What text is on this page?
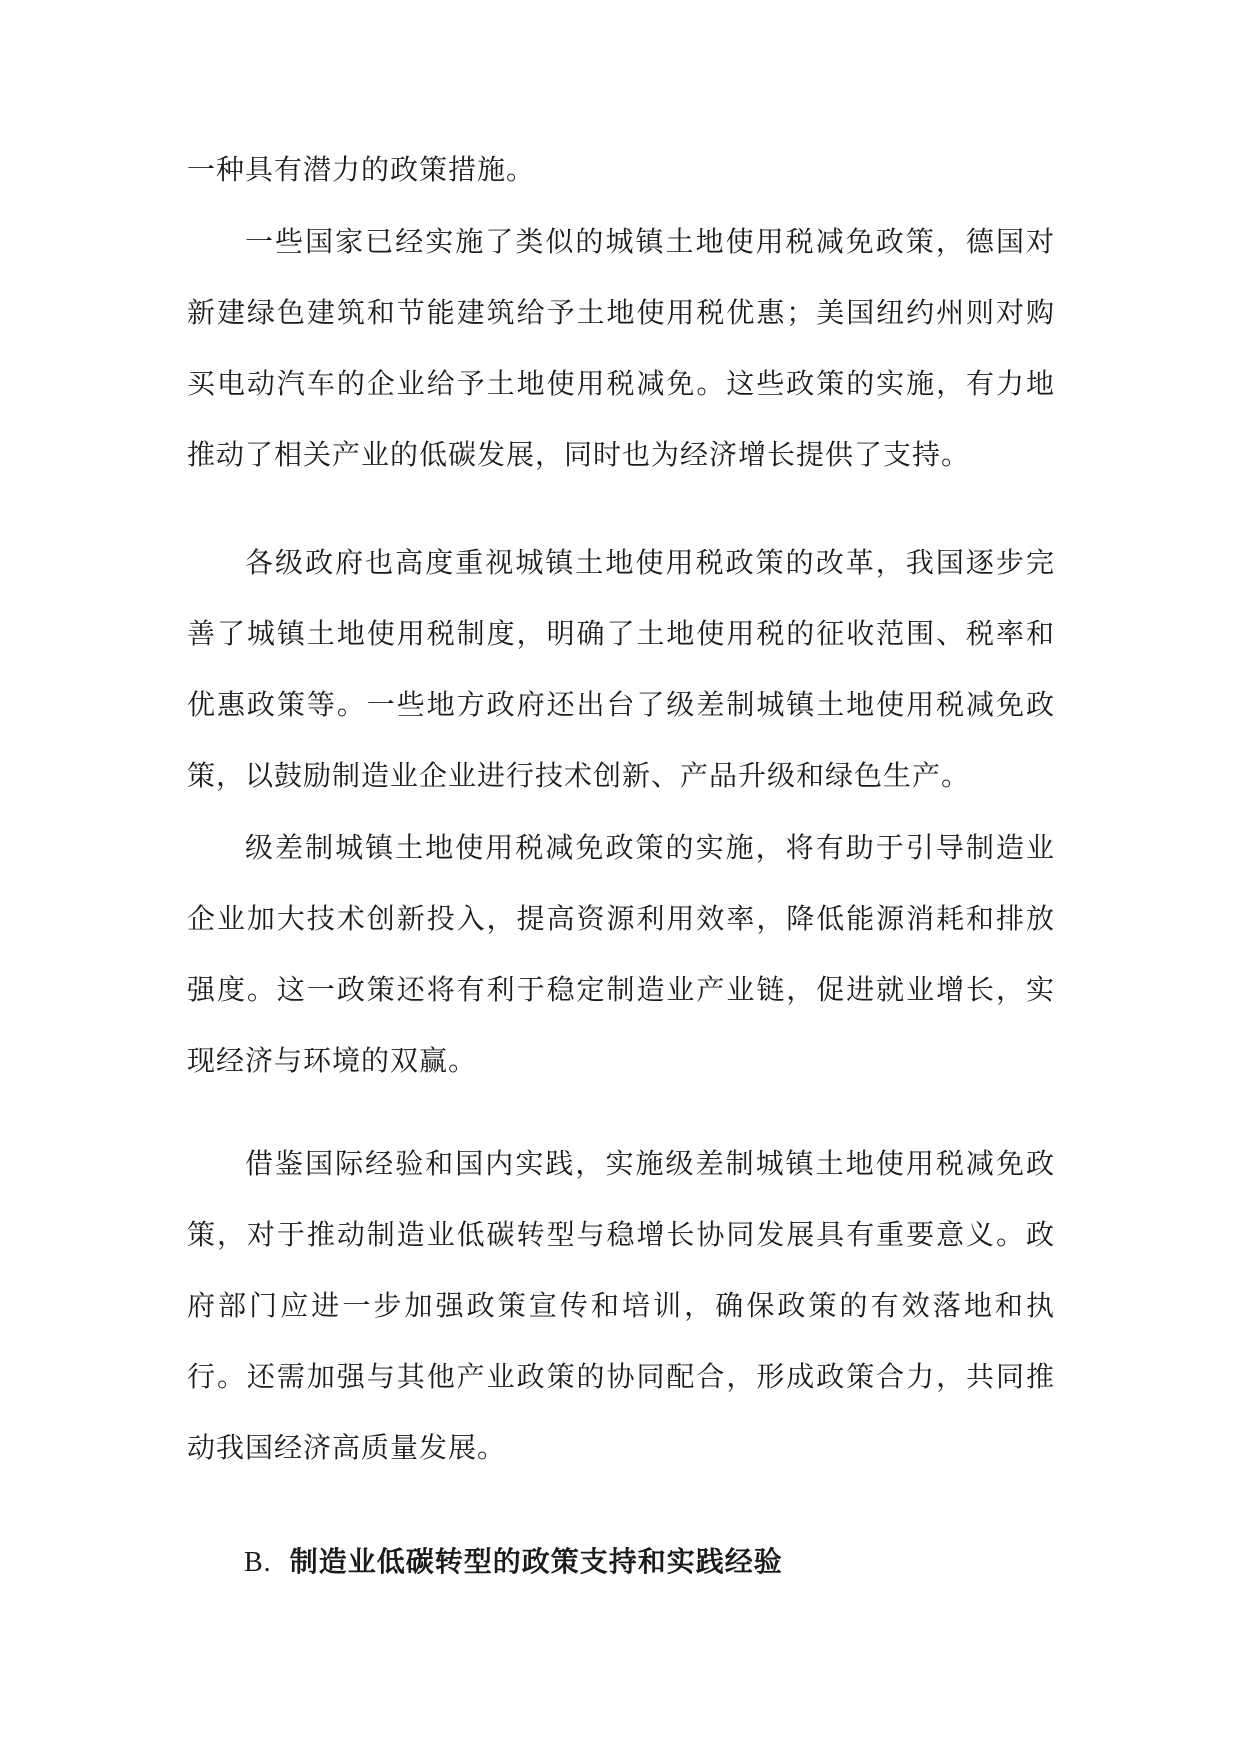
一种具有潜力的政策措施。

一些国家已经实施了类似的城镇土地使用税减免政策，德国对新建绿色建筑和节能建筑给予土地使用税优惠；美国纽约州则对购买电动汽车的企业给予土地使用税减免。这些政策的实施，有力地推动了相关产业的低碳发展，同时也为经济增长提供了支持。

各级政府也高度重视城镇土地使用税政策的改革，我国逐步完善了城镇土地使用税制度，明确了土地使用税的征收范围、税率和优惠政策等。一些地方政府还出台了级差制城镇土地使用税减免政策，以鼓励制造业企业进行技术创新、产品升级和绿色生产。

级差制城镇土地使用税减免政策的实施，将有助于引导制造业企业加大技术创新投入，提高资源利用效率，降低能源消耗和排放强度。这一政策还将有利于稳定制造业产业链，促进就业增长，实现经济与环境的双赢。

借鉴国际经验和国内实践，实施级差制城镇土地使用税减免政策，对于推动制造业低碳转型与稳增长协同发展具有重要意义。政府部门应进一步加强政策宣传和培训，确保政策的有效落地和执行。还需加强与其他产业政策的协同配合，形成政策合力，共同推动我国经济高质量发展。

B. 制造业低碳转型的政策支持和实践经验
